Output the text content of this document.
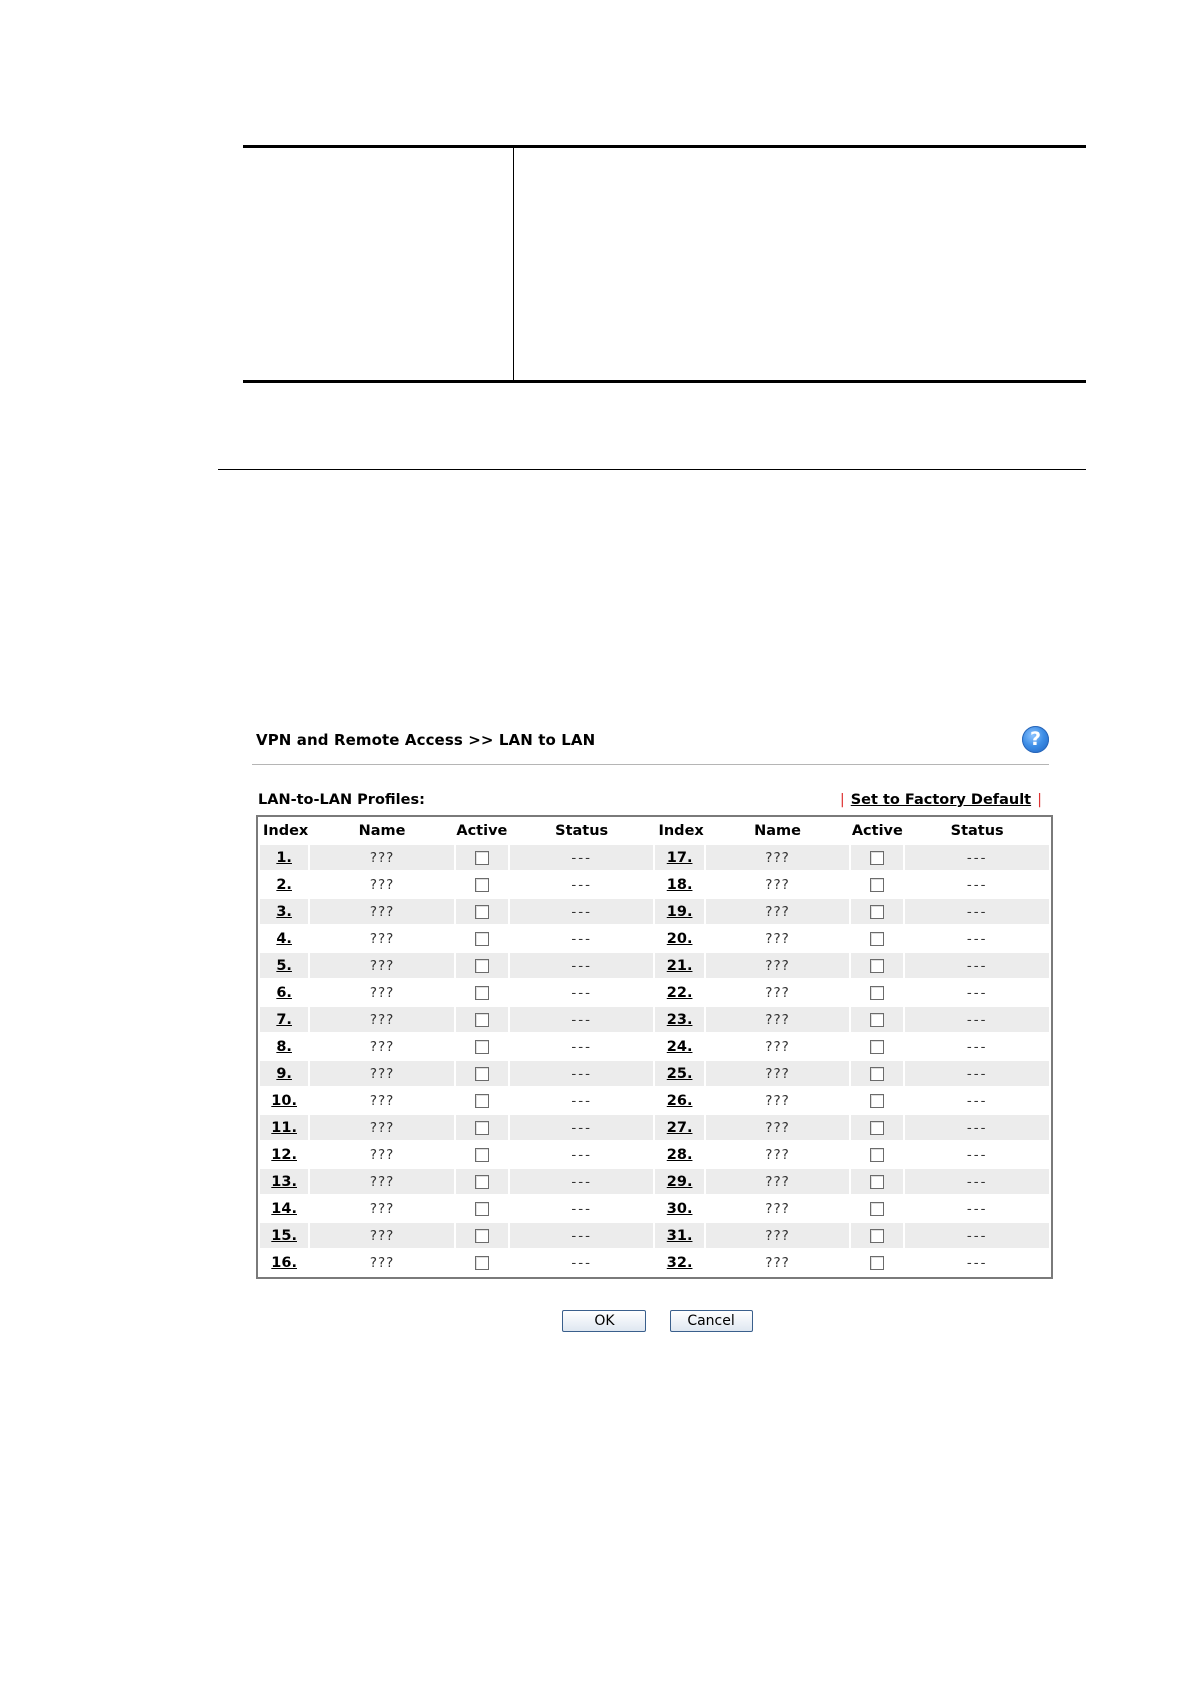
VPN and Remote Access >> LAN to LAN	?
LAN-to-LAN Profiles:	| Set to Factory Default |
Index	Name	Active	Status	Index	Name	Active	Status
1.	???		---	17.	???		---
2.	???		---	18.	???		---
3.	???		---	19.	???		---
4.	???		---	20.	???		---
5.	???		---	21.	???		---
6.	???		---	22.	???		---
7.	???		---	23.	???		---
8.	???		---	24.	???		---
9.	???		---	25.	???		---
10.	???		---	26.	???		---
11.	???		---	27.	???		---
12.	???		---	28.	???		---
13.	???		---	29.	???		---
14.	???		---	30.	???		---
15.	???		---	31.	???		---
16.	???		---	32.	???		---
OK	Cancel
